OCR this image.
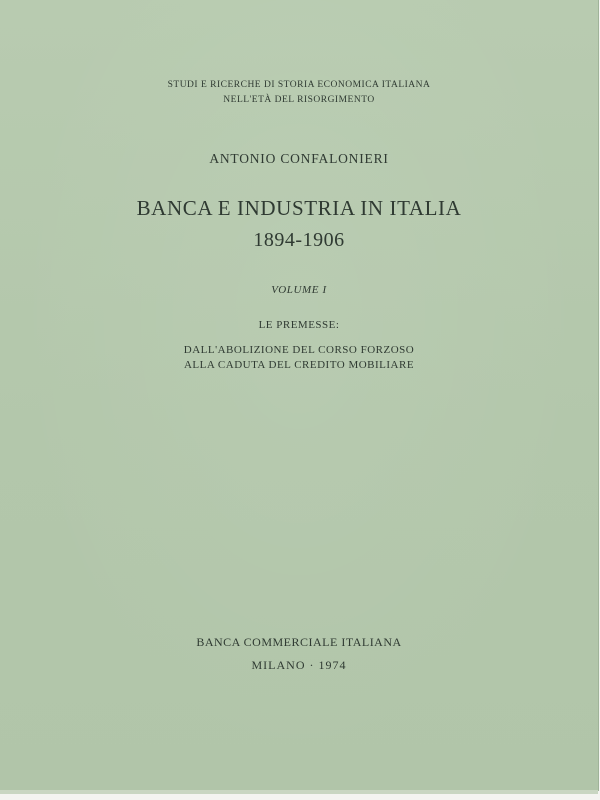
STUDI E RICERCHE DI STORIA ECONOMICA ITALIANA
NELL'ETÀ DEL RISORGIMENTO
ANTONIO CONFALONIERI
BANCA E INDUSTRIA IN ITALIA
1894-1906
VOLUME I
LE PREMESSE:
DALL'ABOLIZIONE DEL CORSO FORZOSO
ALLA CADUTA DEL CREDITO MOBILIARE
BANCA COMMERCIALE ITALIANA
MILANO · 1974
